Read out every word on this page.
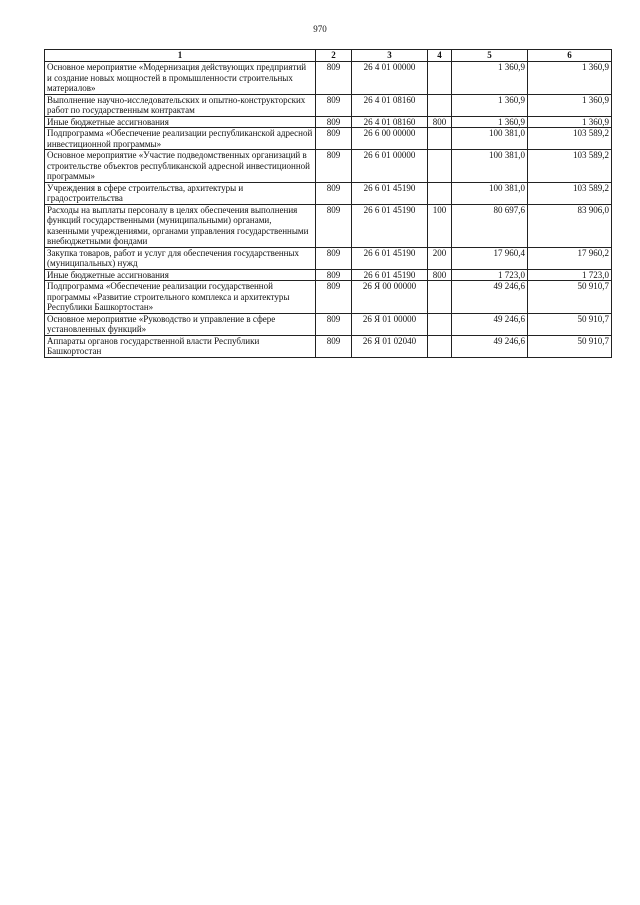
970
1	2	3	4	5	6
Основное мероприятие «Модернизация действующих предприятий и создание новых мощностей в промышленности строительных материалов»	809	26 4 01 00000		1 360,9	1 360,9
Выполнение научно-исследовательских и опытно-конструкторских работ по государственным контрактам	809	26 4 01 08160		1 360,9	1 360,9
Иные бюджетные ассигнования	809	26 4 01 08160	800	1 360,9	1 360,9
Подпрограмма «Обеспечение реализации республиканской адресной инвестиционной программы»	809	26 6 00 00000		100 381,0	103 589,2
Основное мероприятие «Участие подведомственных организаций в строительстве объектов республиканской адресной инвестиционной программы»	809	26 6 01 00000		100 381,0	103 589,2
Учреждения в сфере строительства, архитектуры и градостроительства	809	26 6 01 45190		100 381,0	103 589,2
Расходы на выплаты персоналу в целях обеспечения выполнения функций государственными (муниципальными) органами, казенными учреждениями, органами управления государственными внебюджетными фондами	809	26 6 01 45190	100	80 697,6	83 906,0
Закупка товаров, работ и услуг для обеспечения государственных (муниципальных) нужд	809	26 6 01 45190	200	17 960,4	17 960,2
Иные бюджетные ассигнования	809	26 6 01 45190	800	1 723,0	1 723,0
Подпрограмма «Обеспечение реализации государственной программы «Развитие строительного комплекса и архитектуры Республики Башкортостан»	809	26 Я 00 00000		49 246,6	50 910,7
Основное мероприятие «Руководство и управление в сфере установленных функций»	809	26 Я 01 00000		49 246,6	50 910,7
Аппараты органов государственной власти Республики Башкортостан	809	26 Я 01 02040		49 246,6	50 910,7
